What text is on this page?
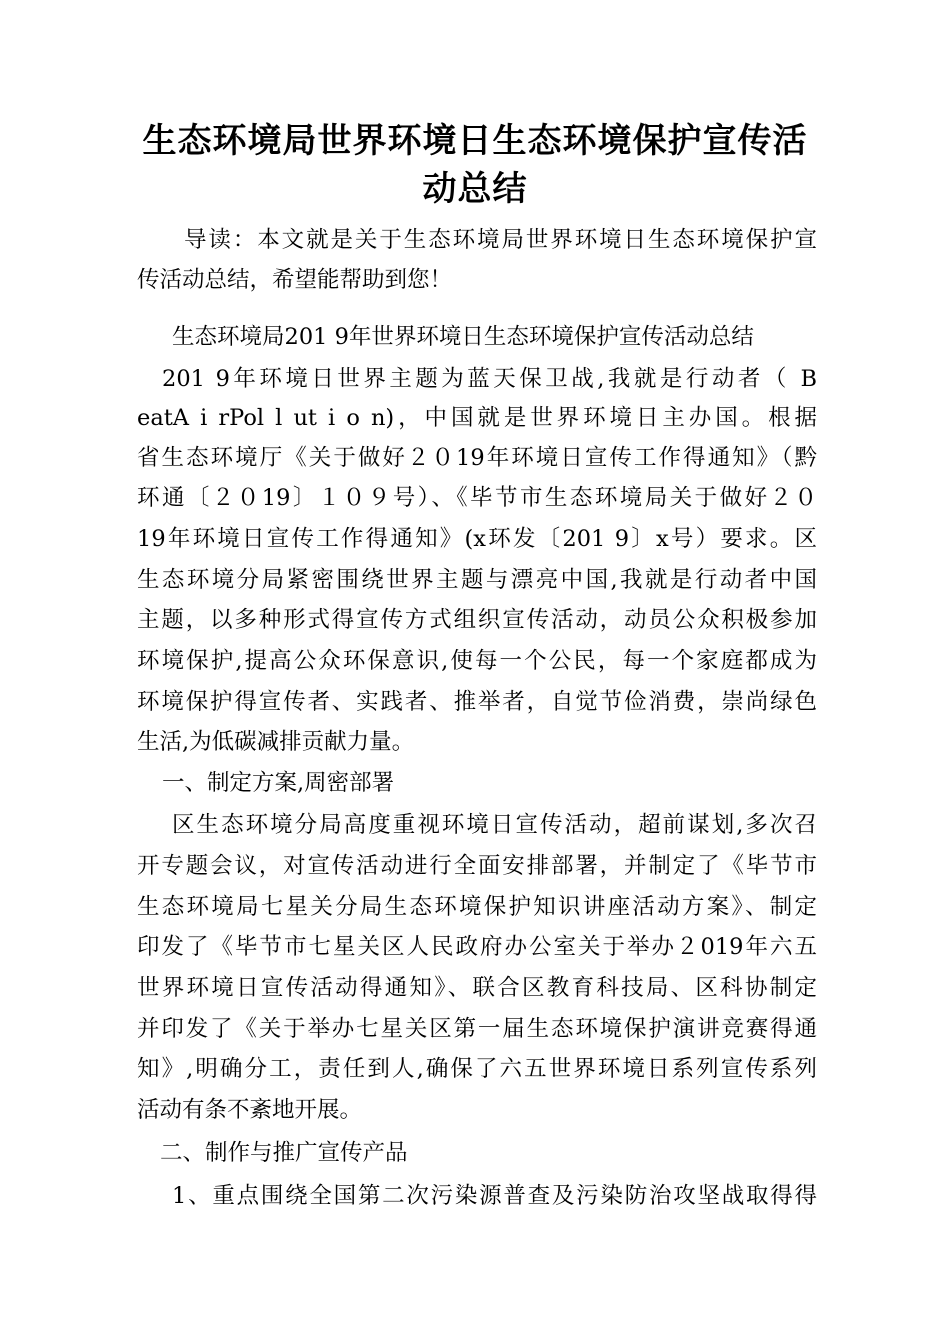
生态环境局世界环境日生态环境保护宣传活
动总结

导读：本文就是关于生态环境局世界环境日生态环境保护宣

传活动总结，希望能帮助到您！

生态环境局201 9年世界环境日生态环境保护宣传活动总结

201 9年环境日世界主题为蓝天保卫战,我就是行动者（ B

eatA i rPol l ut i o n)，中国就是世界环境日主办国。根据

省生态环境厅《关于做好２０19年环境日宣传工作得通知》（黔

环通〔２０19〕１０９号）、《毕节市生态环境局关于做好２０

19年环境日宣传工作得通知》(x环发〔201 9〕x号）要求。区

生态环境分局紧密围绕世界主题与漂亮中国,我就是行动者中国

主题，以多种形式得宣传方式组织宣传活动，动员公众积极参加

环境保护,提高公众环保意识,使每一个公民，每一个家庭都成为

环境保护得宣传者、实践者、推举者，自觉节俭消费，崇尚绿色

生活,为低碳减排贡献力量。

一、制定方案,周密部署

区生态环境分局高度重视环境日宣传活动，超前谋划,多次召

开专题会议，对宣传活动进行全面安排部署，并制定了《毕节市

生态环境局七星关分局生态环境保护知识讲座活动方案》、制定

印发了《毕节市七星关区人民政府办公室关于举办２019年六五

世界环境日宣传活动得通知》、联合区教育科技局、区科协制定

并印发了《关于举办七星关区第一届生态环境保护演讲竞赛得通

知》,明确分工，责任到人,确保了六五世界环境日系列宣传系列

活动有条不紊地开展。

二、制作与推广宣传产品

1、重点围绕全国第二次污染源普查及污染防治攻坚战取得得
